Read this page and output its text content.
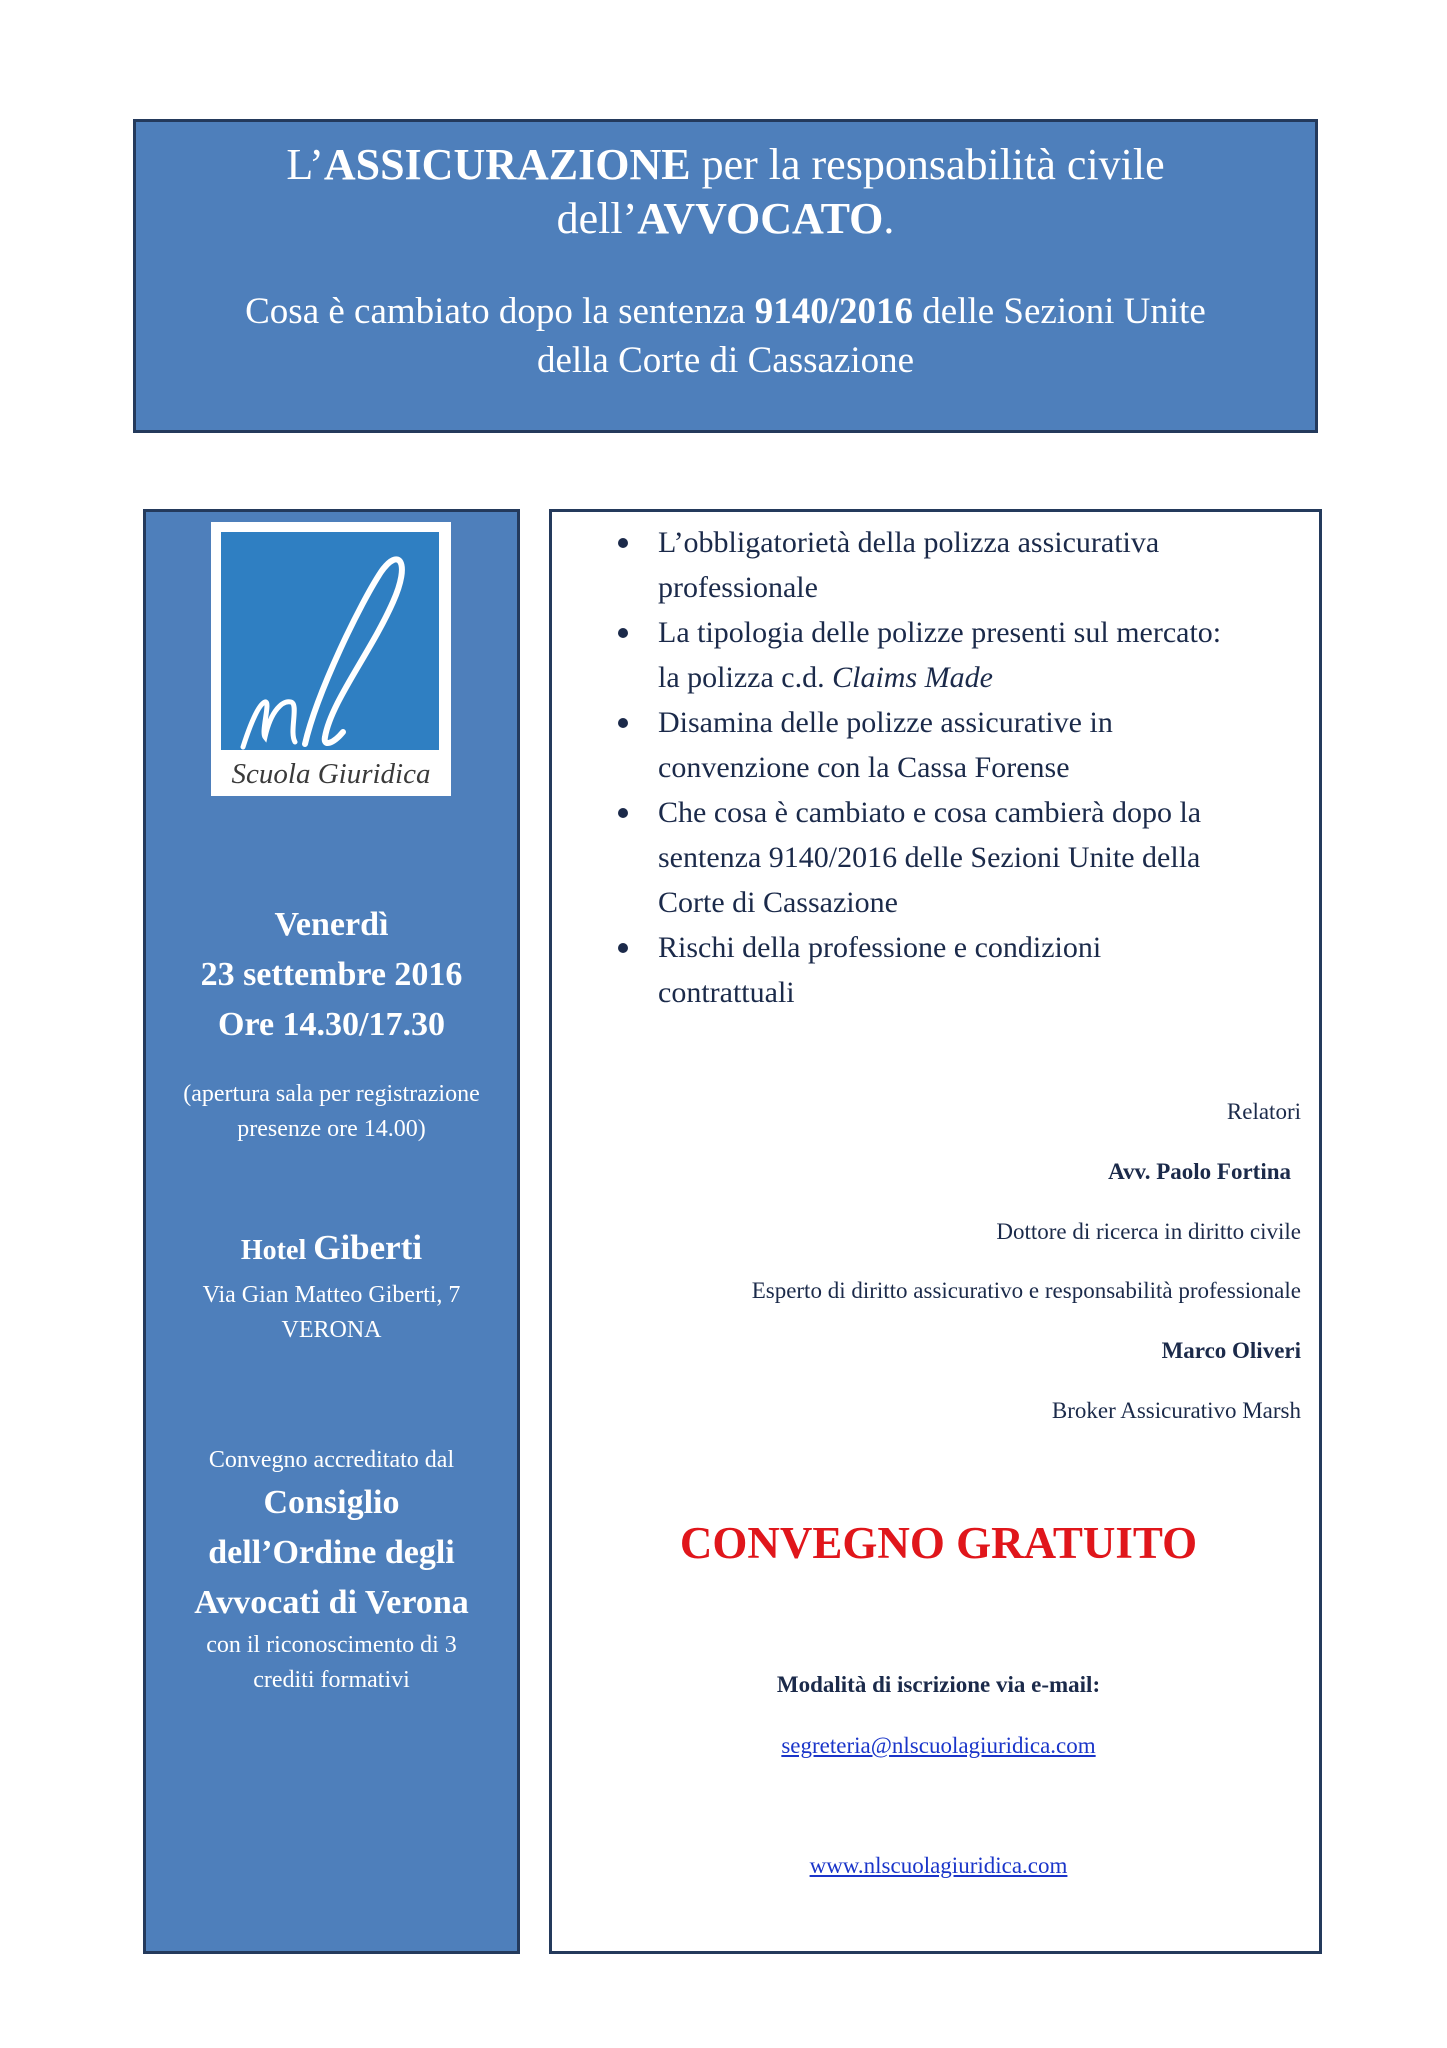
L’ASSICURAZIONE per la responsabilità civile
dell’AVVOCATO.
Cosa è cambiato dopo la sentenza 9140/2016 delle Sezioni Unite
della Corte di Cassazione
Scuola Giuridica
Venerdì
23 settembre 2016
Ore 14.30/17.30
(apertura sala per registrazione
presenze ore 14.00)
Hotel Giberti
Via Gian Matteo Giberti, 7
VERONA
Convegno accreditato dal
Consiglio
dell’Ordine degli
Avvocati di Verona
con il riconoscimento di 3
crediti formativi
L’obbligatorietà della polizza assicurativa
professionale
La tipologia delle polizze presenti sul mercato:
la polizza c.d. Claims Made
Disamina delle polizze assicurative in
convenzione con la Cassa Forense
Che cosa è cambiato e cosa cambierà dopo la
sentenza 9140/2016 delle Sezioni Unite della
Corte di Cassazione
Rischi della professione e condizioni
contrattuali
Relatori
Avv. Paolo Fortina
Dottore di ricerca in diritto civile
Esperto di diritto assicurativo e responsabilità professionale
Marco Oliveri
Broker Assicurativo Marsh
CONVEGNO GRATUITO
Modalità di iscrizione via e-mail:
segreteria@nlscuolagiuridica.com
www.nlscuolagiuridica.com
